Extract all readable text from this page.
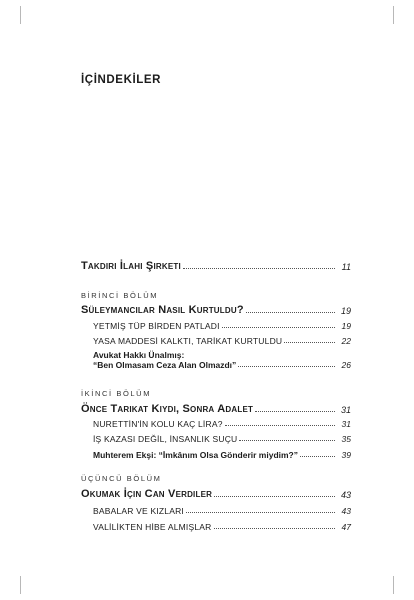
İÇİNDEKİLER
Takdiri İlahi Şirketi	11
BİRİNCİ BÖLÜM
Süleymancılar Nasıl Kurtuldu?	19
YETMİŞ TÜP BİRDEN PATLADI	19
YASA MADDESİ KALKTI, TARİKAT KURTULDU	22
Avukat Hakkı Ünalmış:
“Ben Olmasam Ceza Alan Olmazdı”	26
İKİNCİ BÖLÜM
Önce Tarikat Kıydı, Sonra Adalet	31
NURETTİN'İN KOLU KAÇ LİRA?	31
İŞ KAZASI DEĞİL, İNSANLIK SUÇU	35
Muhterem Ekşi: “İmkânım Olsa Gönderir miydim?”	39
ÜÇÜNCÜ BÖLÜM
Okumak İçin Can Verdiler	43
BABALAR VE KIZLARI	43
VALİLİKTEN HİBE ALMIŞLAR	47
